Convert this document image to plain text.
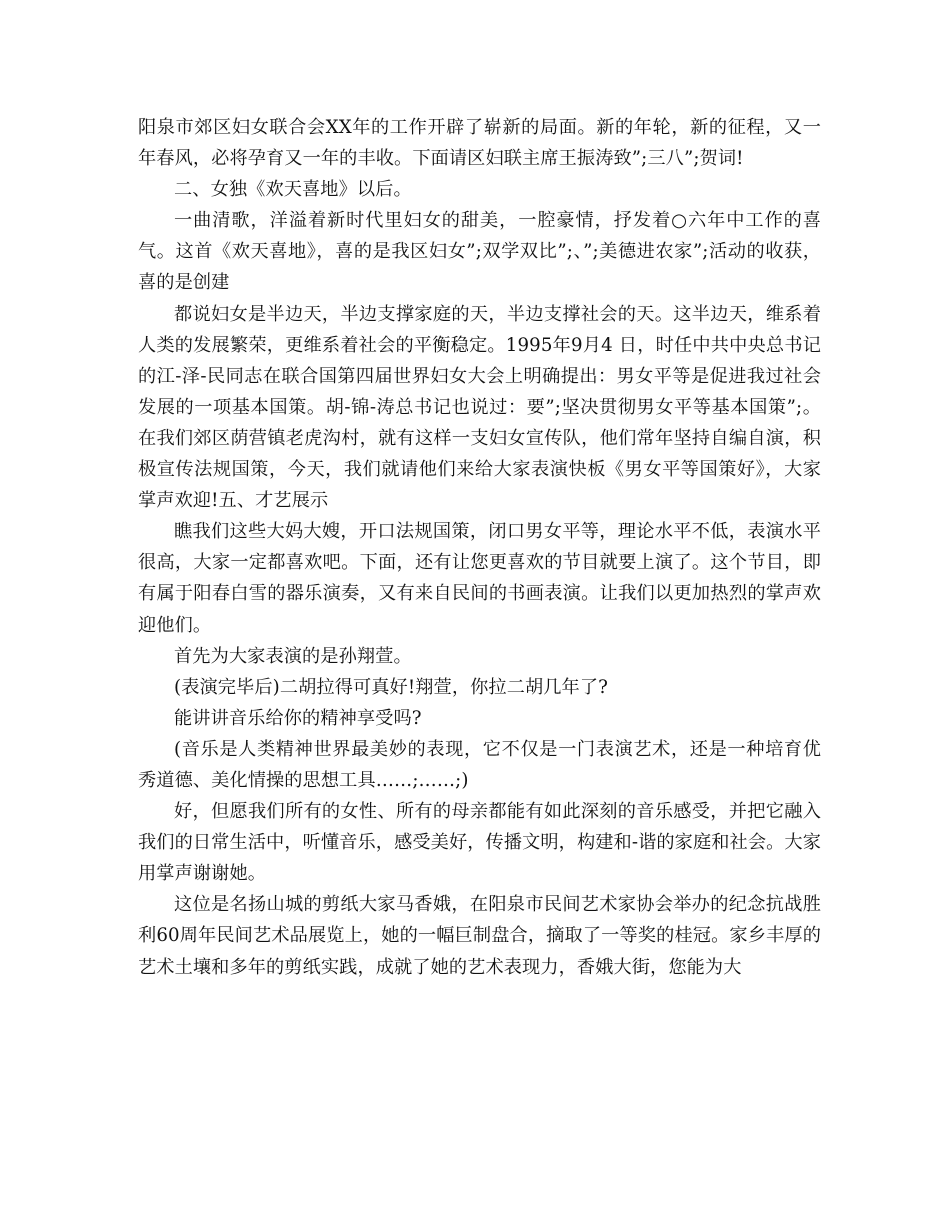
阳泉市郊区妇女联合会XX年的工作开辟了崭新的局面。新的年轮，新的征程，又一年春风，必将孕育又一年的丰收。下面请区妇联主席王振涛致”;三八”;贺词!

二、女独《欢天喜地》以后。

一曲清歌，洋溢着新时代里妇女的甜美，一腔豪情，抒发着○六年中工作的喜气。这首《欢天喜地》，喜的是我区妇女”;双学双比”;、”;美德进农家”;活动的收获，喜的是创建

都说妇女是半边天，半边支撑家庭的天，半边支撑社会的天。这半边天，维系着人类的发展繁荣，更维系着社会的平衡稳定。1995年9月4 日，时任中共中央总书记的江-泽-民同志在联合国第四届世界妇女大会上明确提出：男女平等是促进我过社会发展的一项基本国策。胡-锦-涛总书记也说过：要”;坚决贯彻男女平等基本国策”;。在我们郊区荫营镇老虎沟村，就有这样一支妇女宣传队，他们常年坚持自编自演，积极宣传法规国策，今天，我们就请他们来给大家表演快板《男女平等国策好》，大家掌声欢迎!五、才艺展示

瞧我们这些大妈大嫂，开口法规国策，闭口男女平等，理论水平不低，表演水平很高，大家一定都喜欢吧。下面，还有让您更喜欢的节目就要上演了。这个节目，即有属于阳春白雪的器乐演奏，又有来自民间的书画表演。让我们以更加热烈的掌声欢迎他们。

首先为大家表演的是孙翔萱。

(表演完毕后)二胡拉得可真好!翔萱，你拉二胡几年了?

能讲讲音乐给你的精神享受吗?

(音乐是人类精神世界最美妙的表现，它不仅是一门表演艺术，还是一种培育优秀道德、美化情操的思想工具……;……;)

好，但愿我们所有的女性、所有的母亲都能有如此深刻的音乐感受，并把它融入我们的日常生活中，听懂音乐，感受美好，传播文明，构建和-谐的家庭和社会。大家用掌声谢谢她。

这位是名扬山城的剪纸大家马香娥，在阳泉市民间艺术家协会举办的纪念抗战胜利60周年民间艺术品展览上，她的一幅巨制盘合，摘取了一等奖的桂冠。家乡丰厚的艺术土壤和多年的剪纸实践，成就了她的艺术表现力，香娥大街，您能为大
